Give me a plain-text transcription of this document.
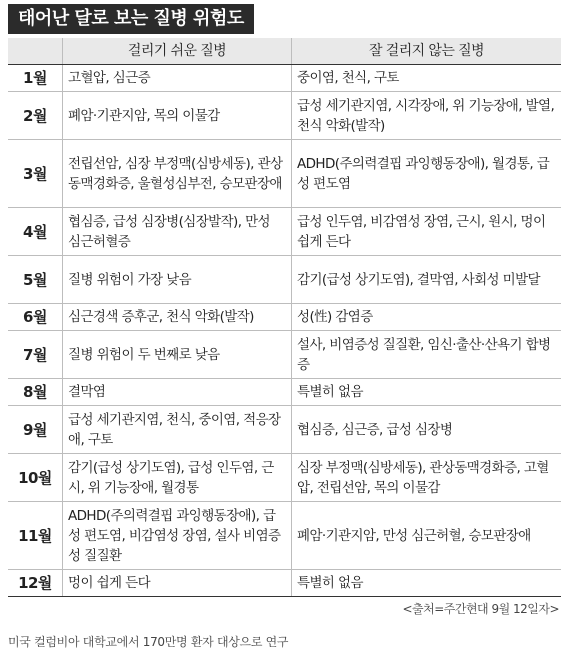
태어난 달로 보는 질병 위험도
	걸리기 쉬운 질병	잘 걸리지 않는 질병
1월	고혈압, 심근증	중이염, 천식, 구토
2월	폐암·기관지암, 목의 이물감	급성 세기관지염, 시각장애, 위 기능장애, 발열, 천식 악화(발작)
3월	전립선암, 심장 부정맥(심방세동), 관상동맥경화증, 울혈성심부전, 승모판장애	ADHD(주의력결핍 과잉행동장애), 월경통, 급성 편도염
4월	협심증, 급성 심장병(심장발작), 만성 심근허혈증	급성 인두염, 비감염성 장염, 근시, 원시, 멍이 쉽게 든다
5월	질병 위험이 가장 낮음	감기(급성 상기도염), 결막염, 사회성 미발달
6월	심근경색 증후군, 천식 악화(발작)	성(性) 감염증
7월	질병 위험이 두 번째로 낮음	설사, 비염증성 질질환, 임신·출산·산욕기 합병증
8월	결막염	특별히 없음
9월	급성 세기관지염, 천식, 중이염, 적응장애, 구토	협심증, 심근증, 급성 심장병
10월	감기(급성 상기도염), 급성 인두염, 근시, 위 기능장애, 월경통	심장 부정맥(심방세동), 관상동맥경화증, 고혈압, 전립선암, 목의 이물감
11월	ADHD(주의력결핍 과잉행동장애), 급성 편도염, 비감염성 장염, 설사 비염증성 질질환	폐암·기관지암, 만성 심근허혈, 승모판장애
12월	멍이 쉽게 든다	특별히 없음
<출처=주간현대 9월 12일자>
미국 컬럼비아 대학교에서 170만명 환자 대상으로 연구
